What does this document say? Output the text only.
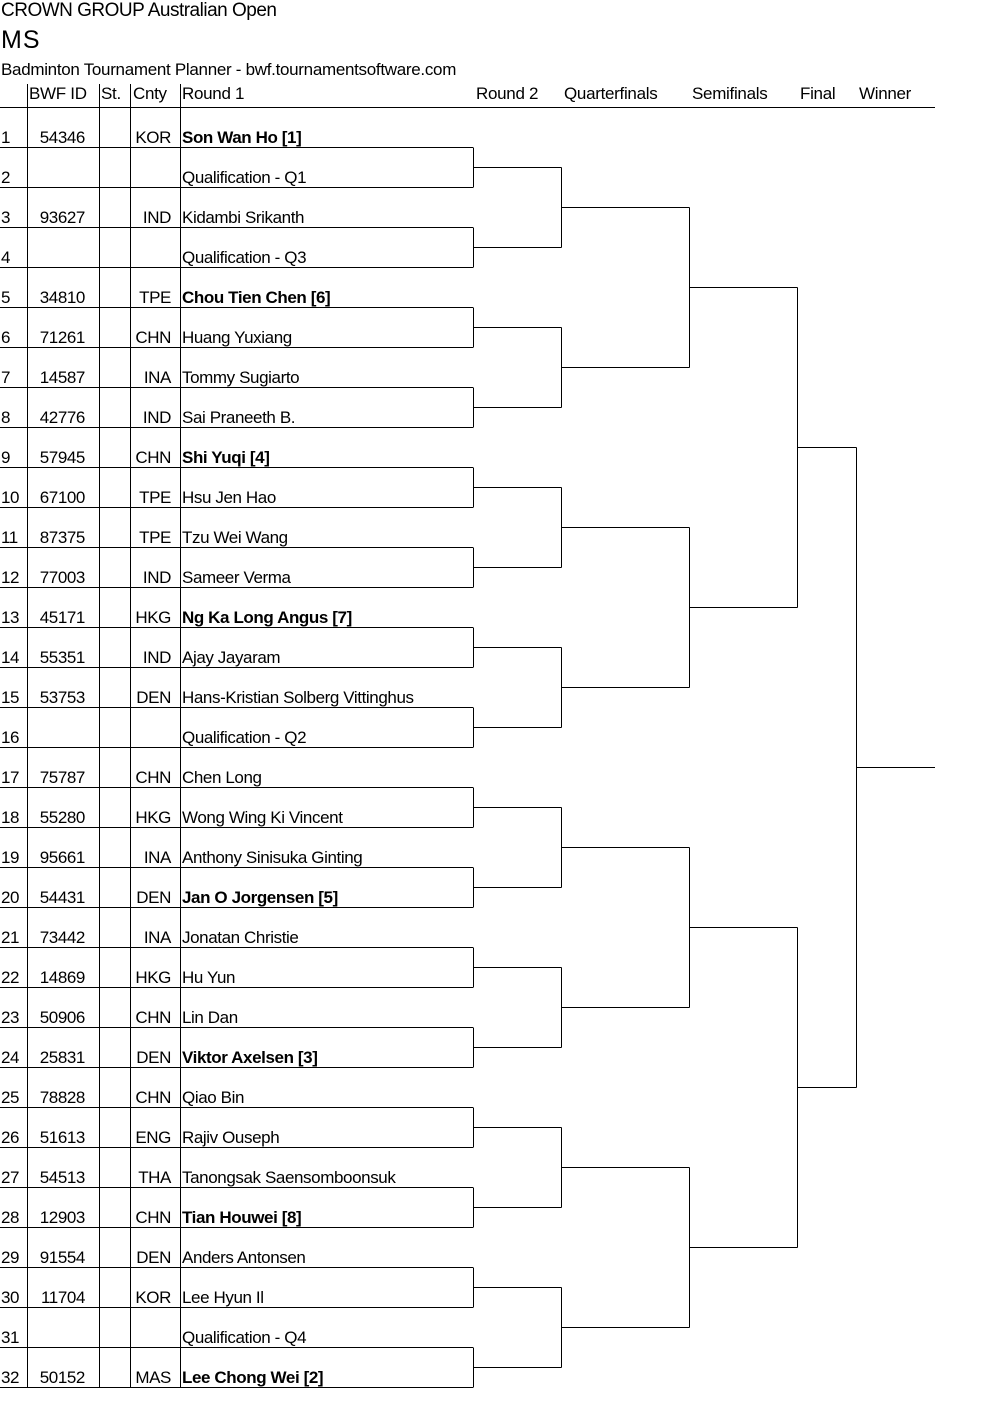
CROWN GROUP Australian Open
MS
Badminton Tournament Planner - bwf.tournamentsoftware.com
BWF ID St. Cnty Round 1	Round 2 Quarterfinals Semifinals Final Winner
1	54346	KOR Son Wan Ho [1]
2	Qualification - Q1
3	93627	IND Kidambi Srikanth
4	Qualification - Q3
5	34810	TPE Chou Tien Chen [6]
6	71261	CHN Huang Yuxiang
7	14587	INA Tommy Sugiarto
8	42776	IND Sai Praneeth B.
9	57945	CHN Shi Yuqi [4]
10	67100	TPE Hsu Jen Hao
11	87375	TPE Tzu Wei Wang
12	77003	IND Sameer Verma
13	45171	HKG Ng Ka Long Angus [7]
14	55351	IND Ajay Jayaram
15	53753	DEN Hans-Kristian Solberg Vittinghus
16	Qualification - Q2
17	75787	CHN Chen Long
18	55280	HKG Wong Wing Ki Vincent
19	95661	INA Anthony Sinisuka Ginting
20	54431	DEN Jan O Jorgensen [5]
21	73442	INA Jonatan Christie
22	14869	HKG Hu Yun
23	50906	CHN Lin Dan
24	25831	DEN Viktor Axelsen [3]
25	78828	CHN Qiao Bin
26	51613	ENG Rajiv Ouseph
27	54513	THA Tanongsak Saensomboonsuk
28	12903	CHN Tian Houwei [8]
29	91554	DEN Anders Antonsen
30	11704	KOR Lee Hyun Il
31	Qualification - Q4
32	50152	MAS Lee Chong Wei [2]
